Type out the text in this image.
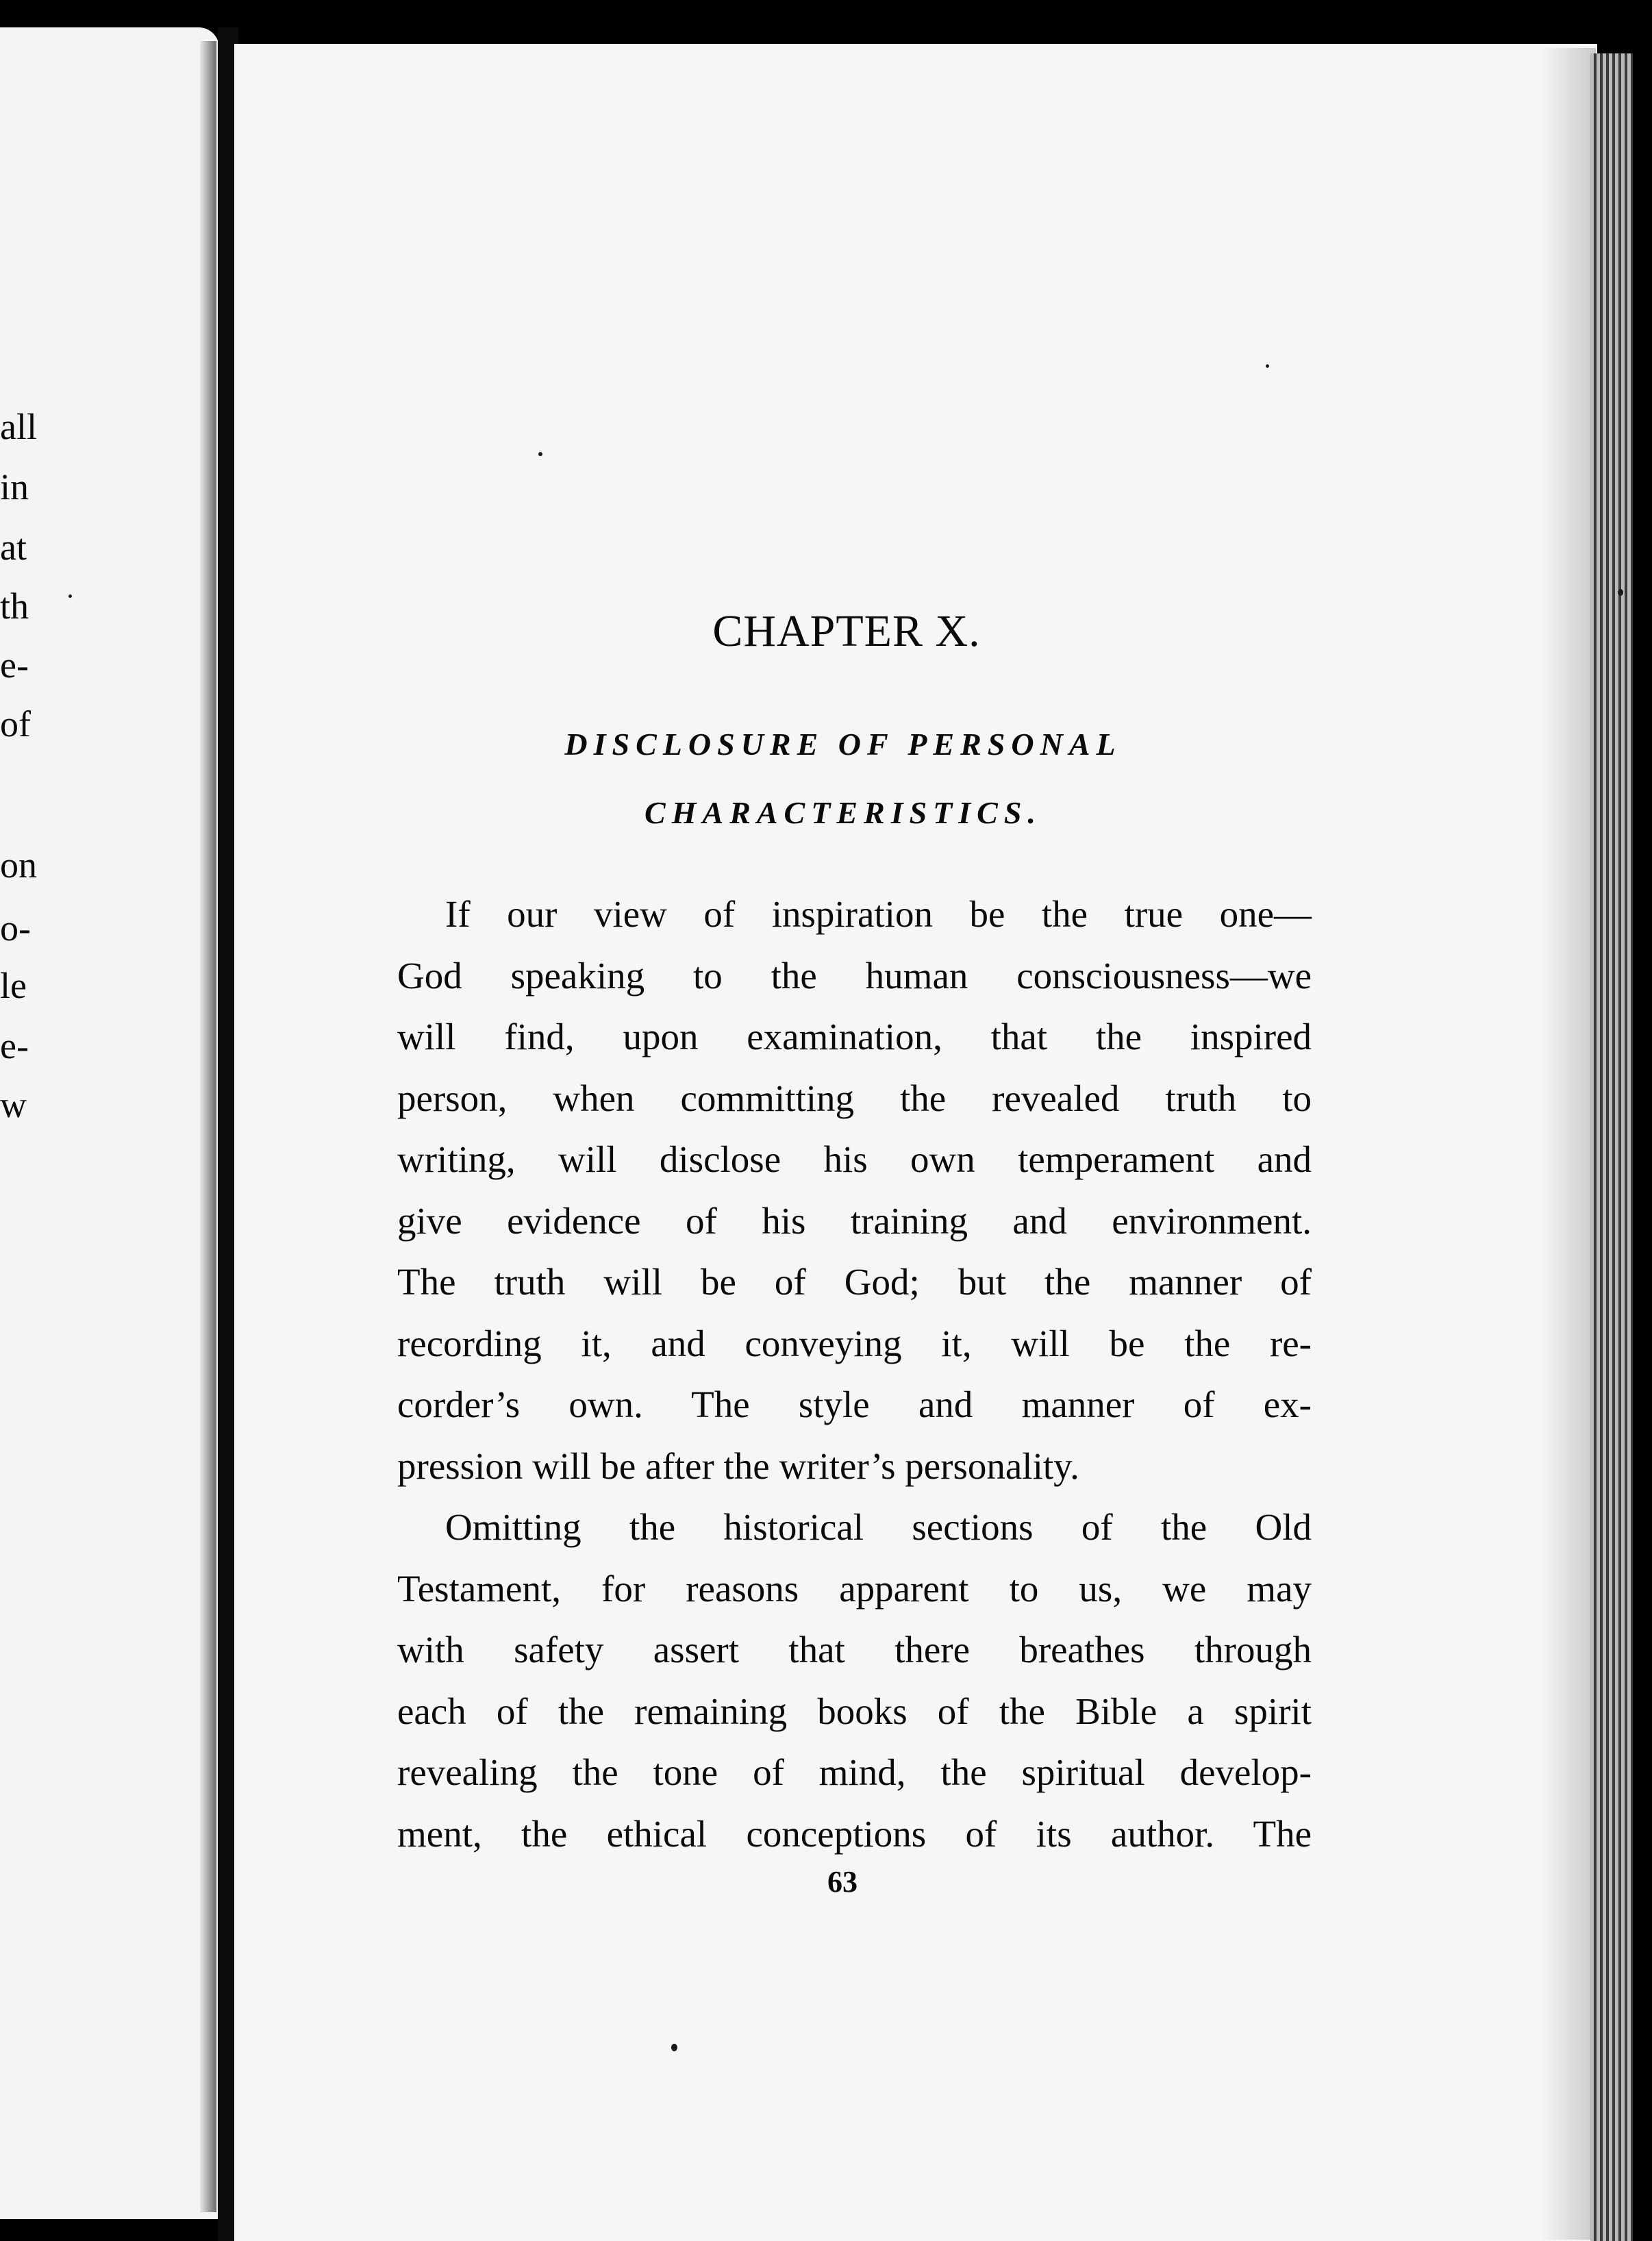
all
in
at
th
e-
of
on
o-
le
e-
w
CHAPTER X.
DISCLOSURE OF PERSONAL
CHARACTERISTICS.
If our view of inspiration be the true one—
God speaking to the human consciousness—we
will find, upon examination, that the inspired
person, when committing the revealed truth to
writing, will disclose his own temperament and
give evidence of his training and environment.
The truth will be of God; but the manner of
recording it, and conveying it, will be the re-
corder’s own. The style and manner of ex-
pression will be after the writer’s personality.
Omitting the historical sections of the Old
Testament, for reasons apparent to us, we may
with safety assert that there breathes through
each of the remaining books of the Bible a spirit
revealing the tone of mind, the spiritual develop-
ment, the ethical conceptions of its author. The
63
